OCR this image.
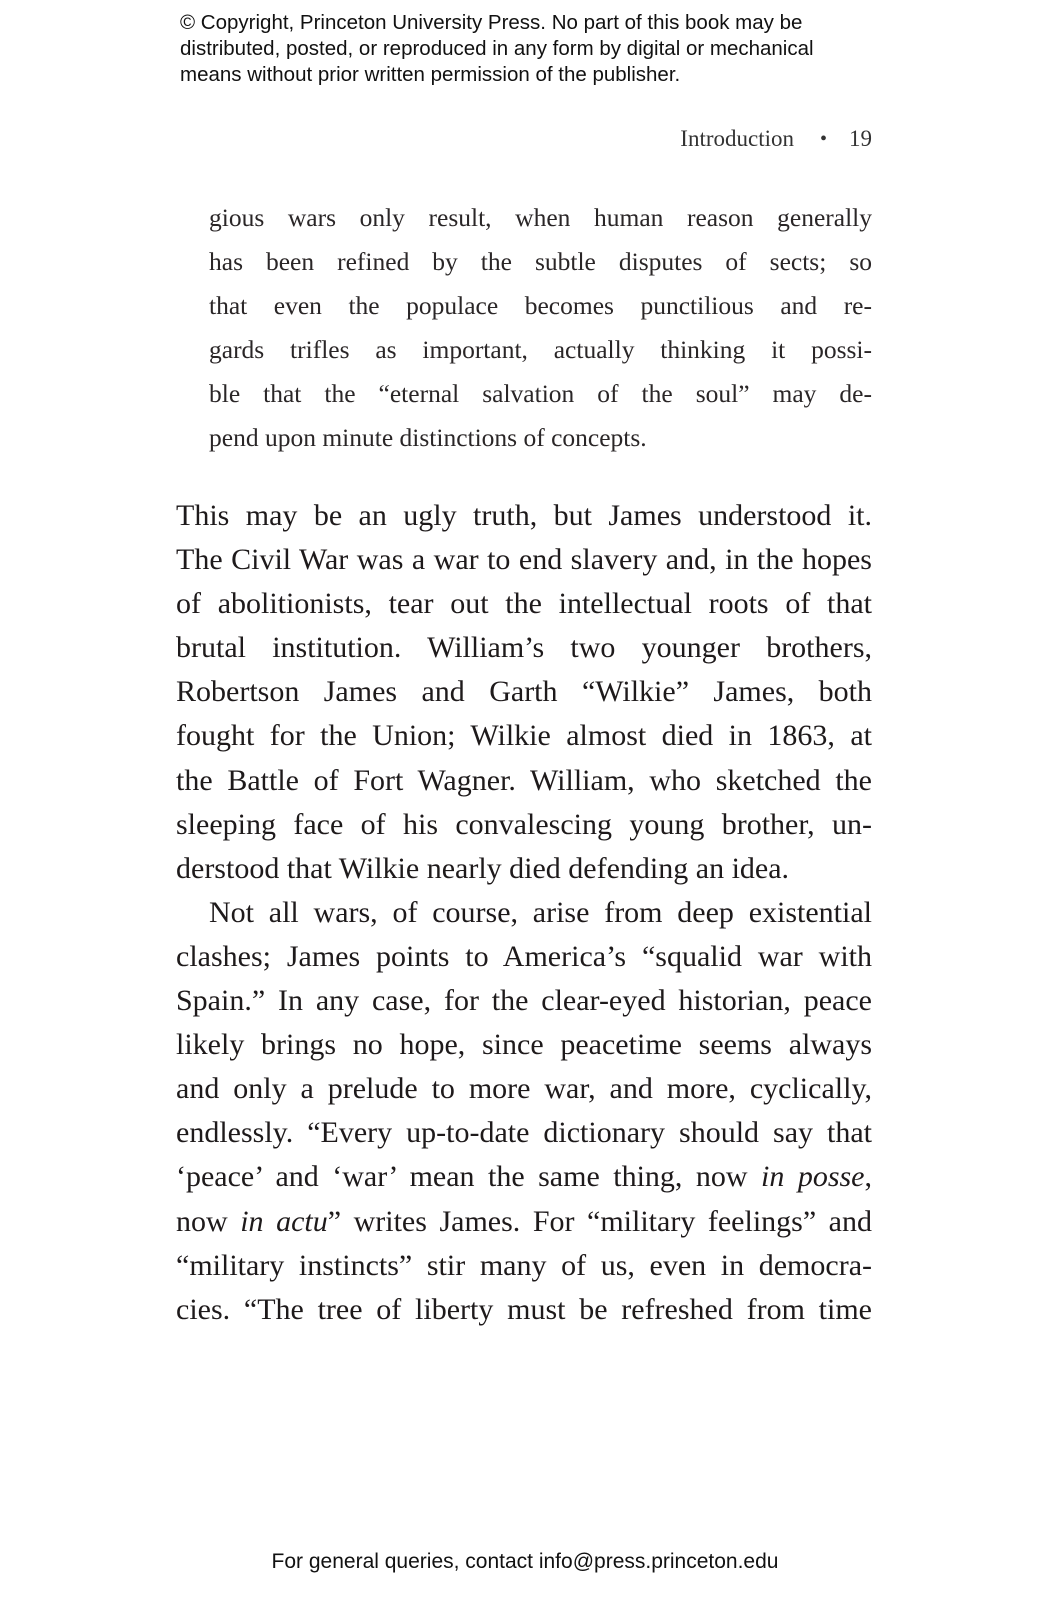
© Copyright, Princeton University Press. No part of this book may be
distributed, posted, or reproduced in any form by digital or mechanical
means without prior written permission of the publisher.
Introduction • 19
gious wars only result, when human reason generally
has been refined by the subtle disputes of sects; so
that even the populace becomes punctilious and re-
gards trifles as important, actually thinking it possi-
ble that the “eternal salvation of the soul” may de-
pend upon minute distinctions of concepts.
This may be an ugly truth, but James understood it.
The Civil War was a war to end slavery and, in the hopes
of abolitionists, tear out the intellectual roots of that
brutal institution. William’s two younger brothers,
Robertson James and Garth “Wilkie” James, both
fought for the Union; Wilkie almost died in 1863, at
the Battle of Fort Wagner. William, who sketched the
sleeping face of his convalescing young brother, un-
derstood that Wilkie nearly died defending an idea.
Not all wars, of course, arise from deep existential
clashes; James points to America’s “squalid war with
Spain.” In any case, for the clear-eyed historian, peace
likely brings no hope, since peacetime seems always
and only a prelude to more war, and more, cyclically,
endlessly. “Every up-to-date dictionary should say that
‘peace’ and ‘war’ mean the same thing, now in posse,
now in actu” writes James. For “military feelings” and
“military instincts” stir many of us, even in democra-
cies. “The tree of liberty must be refreshed from time
For general queries, contact info@press.princeton.edu
